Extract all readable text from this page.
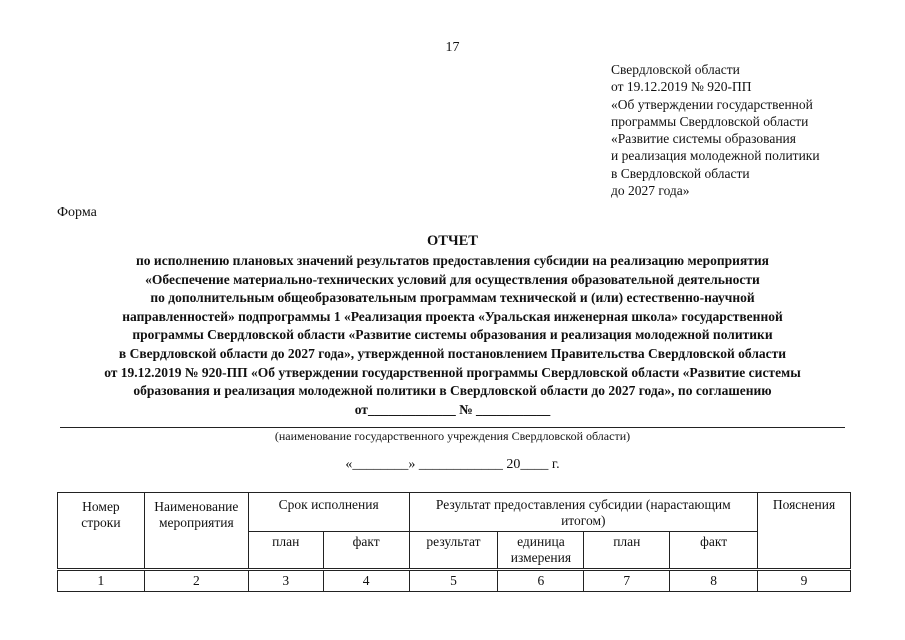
17
Свердловской области
от 19.12.2019 № 920-ПП
«Об утверждении государственной
программы Свердловской области
«Развитие системы образования
и реализация молодежной политики
в Свердловской области
до 2027 года»
Форма
ОТЧЕТ
по исполнению плановых значений результатов предоставления субсидии на реализацию мероприятия
«Обеспечение материально-технических условий для осуществления образовательной деятельности
по дополнительным общеобразовательным программам технической и (или) естественно-научной
направленностей» подпрограммы 1 «Реализация проекта «Уральская инженерная школа» государственной
программы Свердловской области «Развитие системы образования и реализация молодежной политики
в Свердловской области до 2027 года», утвержденной постановлением Правительства Свердловской области
от 19.12.2019 № 920-ПП «Об утверждении государственной программы Свердловской области «Развитие системы
образования и реализация молодежной политики в Свердловской области до 2027 года», по соглашению
от_____________ № ___________
(наименование государственного учреждения Свердловской области)
«________» ____________ 20____ г.
Номер строки	Наименование мероприятия	Срок исполнения		Результат предоставления субсидии (нарастающим итогом)				Пояснения
		план	факт	результат	единица измерения	план	факт	
1	2	3	4	5	6	7	8	9
